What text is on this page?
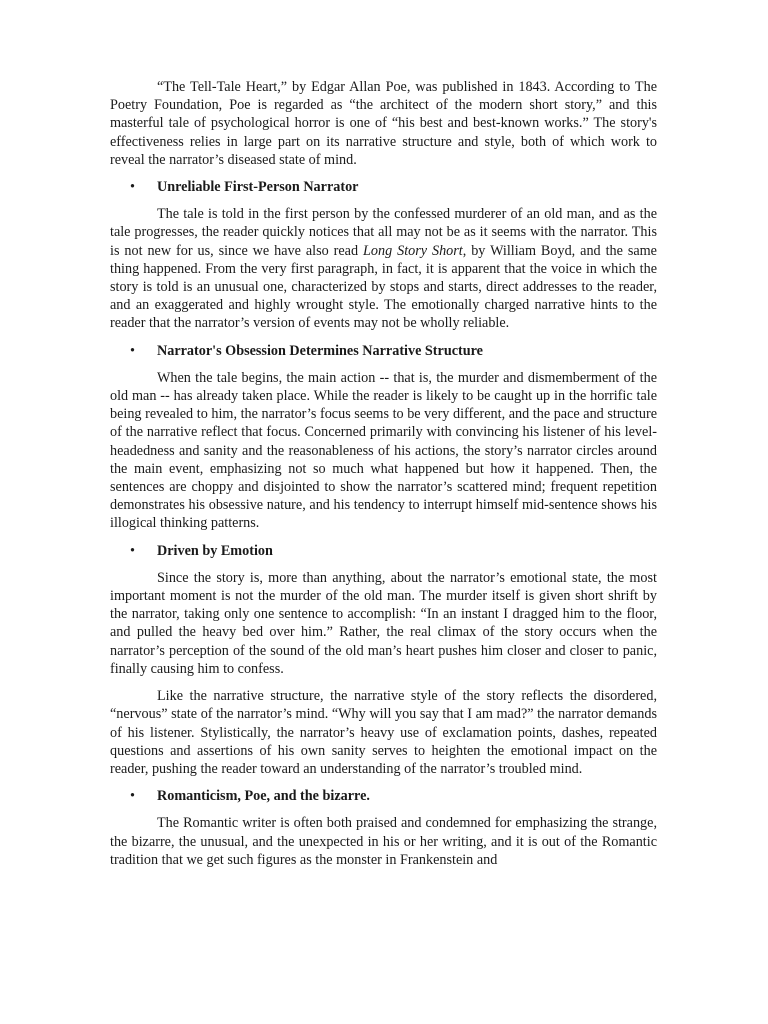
“The Tell-Tale Heart,” by Edgar Allan Poe, was published in 1843. According to The Poetry Foundation, Poe is regarded as “the architect of the modern short story,” and this masterful tale of psychological horror is one of “his best and best-known works.” The story's effectiveness relies in large part on its narrative structure and style, both of which work to reveal the narrator’s diseased state of mind.

• Unreliable First-Person Narrator

The tale is told in the first person by the confessed murderer of an old man, and as the tale progresses, the reader quickly notices that all may not be as it seems with the narrator. This is not new for us, since we have also read Long Story Short, by William Boyd, and the same thing happened. From the very first paragraph, in fact, it is apparent that the voice in which the story is told is an unusual one, characterized by stops and starts, direct addresses to the reader, and an exaggerated and highly wrought style. The emotionally charged narrative hints to the reader that the narrator’s version of events may not be wholly reliable.

• Narrator's Obsession Determines Narrative Structure

When the tale begins, the main action -- that is, the murder and dismemberment of the old man -- has already taken place. While the reader is likely to be caught up in the horrific tale being revealed to him, the narrator’s focus seems to be very different, and the pace and structure of the narrative reflect that focus. Concerned primarily with convincing his listener of his level-headedness and sanity and the reasonableness of his actions, the story’s narrator circles around the main event, emphasizing not so much what happened but how it happened. Then, the sentences are choppy and disjointed to show the narrator’s scattered mind; frequent repetition demonstrates his obsessive nature, and his tendency to interrupt himself mid-sentence shows his illogical thinking patterns.

• Driven by Emotion

Since the story is, more than anything, about the narrator’s emotional state, the most important moment is not the murder of the old man. The murder itself is given short shrift by the narrator, taking only one sentence to accomplish: “In an instant I dragged him to the floor, and pulled the heavy bed over him.” Rather, the real climax of the story occurs when the narrator’s perception of the sound of the old man’s heart pushes him closer and closer to panic, finally causing him to confess.

Like the narrative structure, the narrative style of the story reflects the disordered, “nervous” state of the narrator’s mind. “Why will you say that I am mad?” the narrator demands of his listener. Stylistically, the narrator’s heavy use of exclamation points, dashes, repeated questions and assertions of his own sanity serves to heighten the emotional impact on the reader, pushing the reader toward an understanding of the narrator’s troubled mind.

• Romanticism, Poe, and the bizarre.

The Romantic writer is often both praised and condemned for emphasizing the strange, the bizarre, the unusual, and the unexpected in his or her writing, and it is out of the Romantic tradition that we get such figures as the monster in Frankenstein and
